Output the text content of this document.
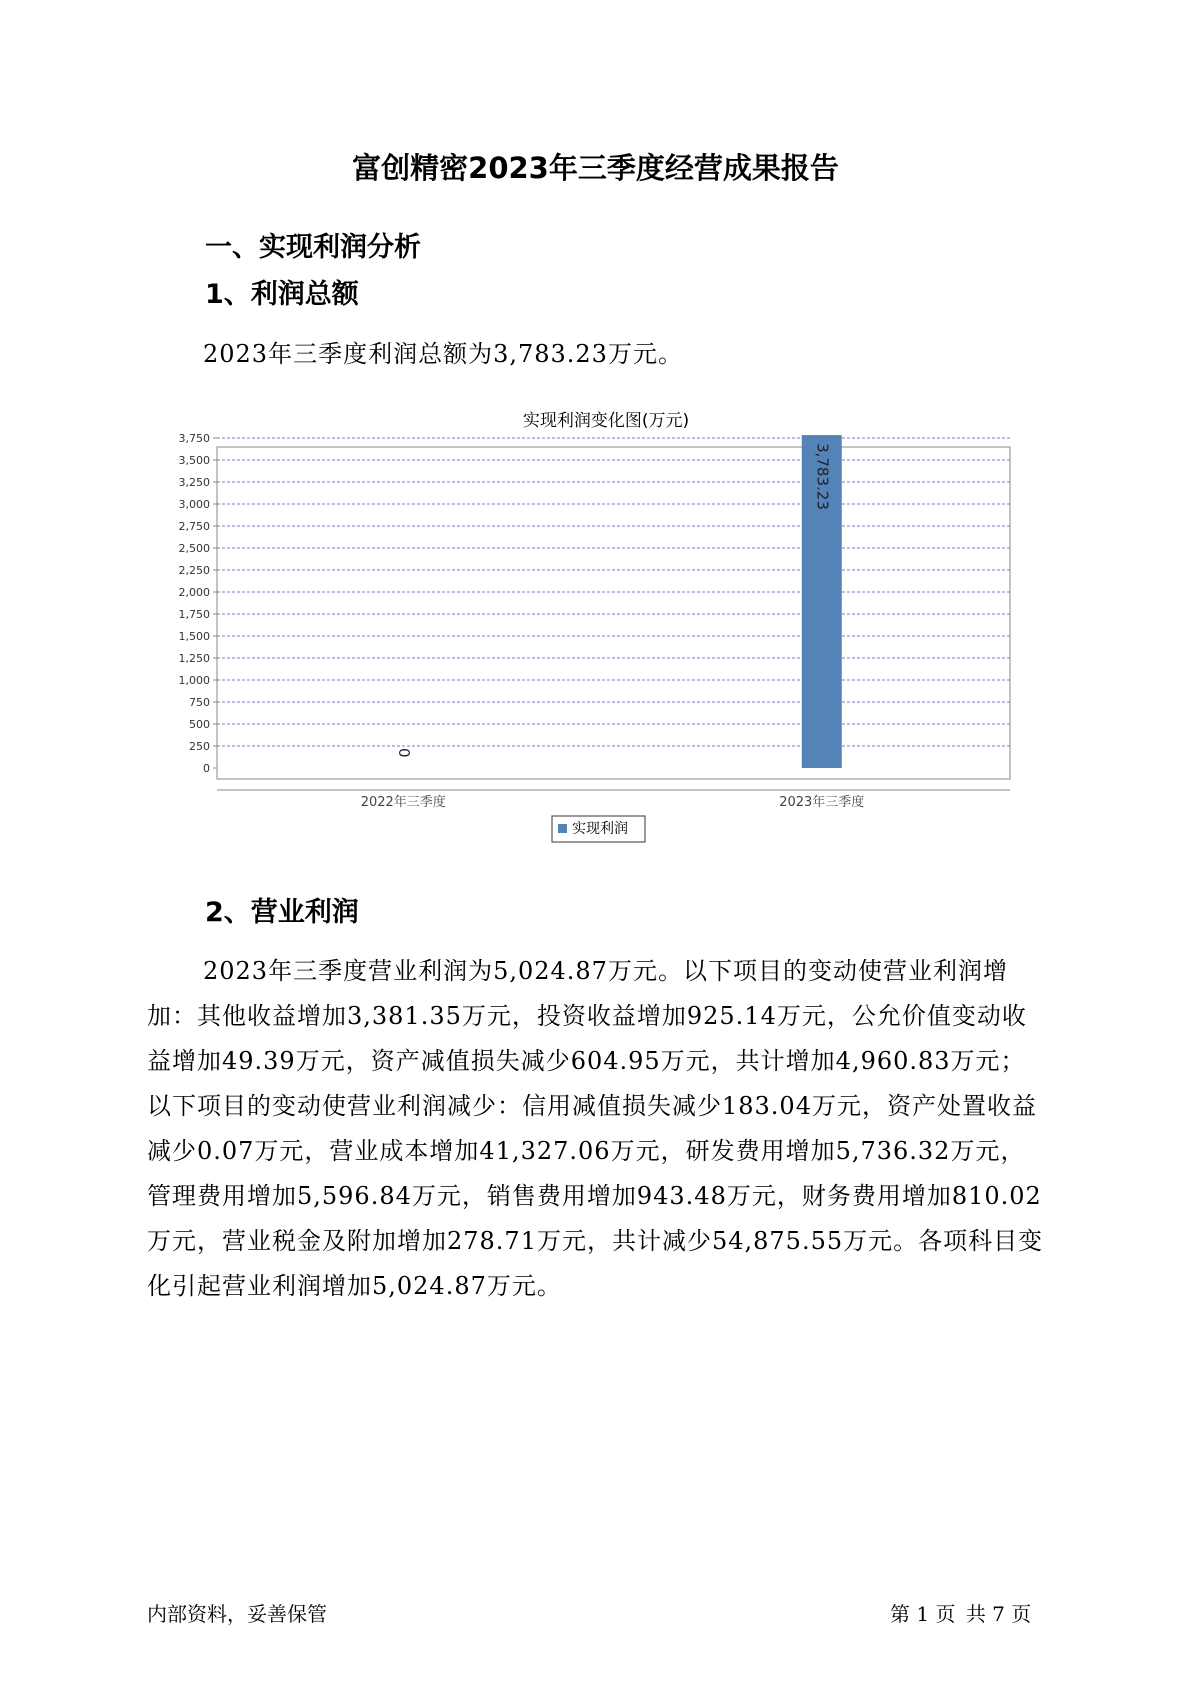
富创精密2023年三季度经营成果报告
一、实现利润分析
1、利润总额
2023年三季度利润总额为3,783.23万元。
实现利润变化图(万元)
0
250
500
750
1,000
1,250
1,500
1,750
2,000
2,250
2,500
2,750
3,000
3,250
3,500
3,750
0
3,783.23
2022年三季度	2023年三季度
实现利润
2、营业利润

2023年三季度营业利润为5,024.87万元。以下项目的变动使营业利润增加：其他收益增加3,381.35万元，投资收益增加925.14万元，公允价值变动收益增加49.39万元，资产减值损失减少604.95万元，共计增加4,960.83万元；以下项目的变动使营业利润减少：信用减值损失减少183.04万元，资产处置收益减少0.07万元，营业成本增加41,327.06万元，研发费用增加5,736.32万元，管理费用增加5,596.84万元，销售费用增加943.48万元，财务费用增加810.02万元，营业税金及附加增加278.71万元，共计减少54,875.55万元。各项科目变化引起营业利润增加5,024.87万元。

内部资料，妥善保管	第 1 页 共 7 页
